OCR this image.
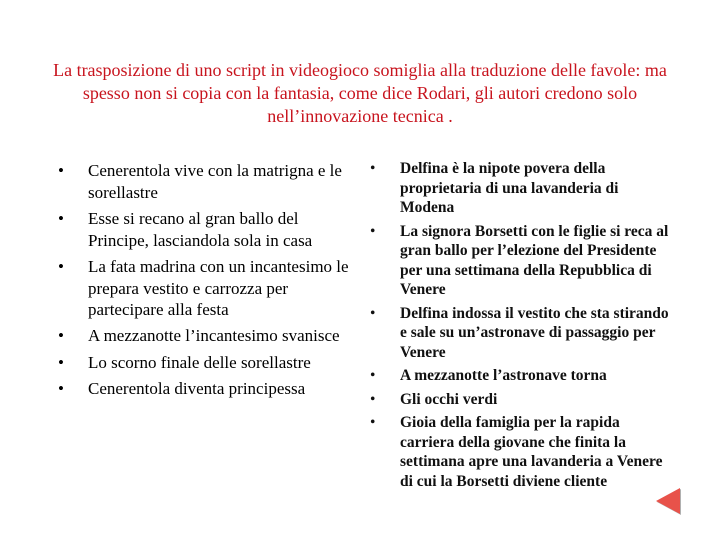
La trasposizione di uno script in videogioco somiglia alla traduzione delle favole: ma spesso non si copia con la fantasia, come dice Rodari, gli autori credono solo nell’innovazione tecnica .
• Cenerentola vive con la matrigna e le sorellastre
• Esse si recano al gran ballo del Principe, lasciandola sola in casa
• La fata madrina con un incantesimo le prepara vestito e carrozza per partecipare alla festa
• A mezzanotte l’incantesimo svanisce
• Lo scorno finale delle sorellastre
• Cenerentola diventa principessa
• Delfina è la nipote povera della proprietaria di una lavanderia di Modena
• La signora Borsetti con le figlie si reca al gran ballo per l’elezione del Presidente per una settimana della Repubblica di Venere
• Delfina indossa il vestito che sta stirando e sale su un’astronave di passaggio per Venere
• A mezzanotte l’astronave torna
• Gli occhi verdi
• Gioia della famiglia per la rapida carriera della giovane che finita la settimana apre una lavanderia a Venere di cui la Borsetti diviene cliente
